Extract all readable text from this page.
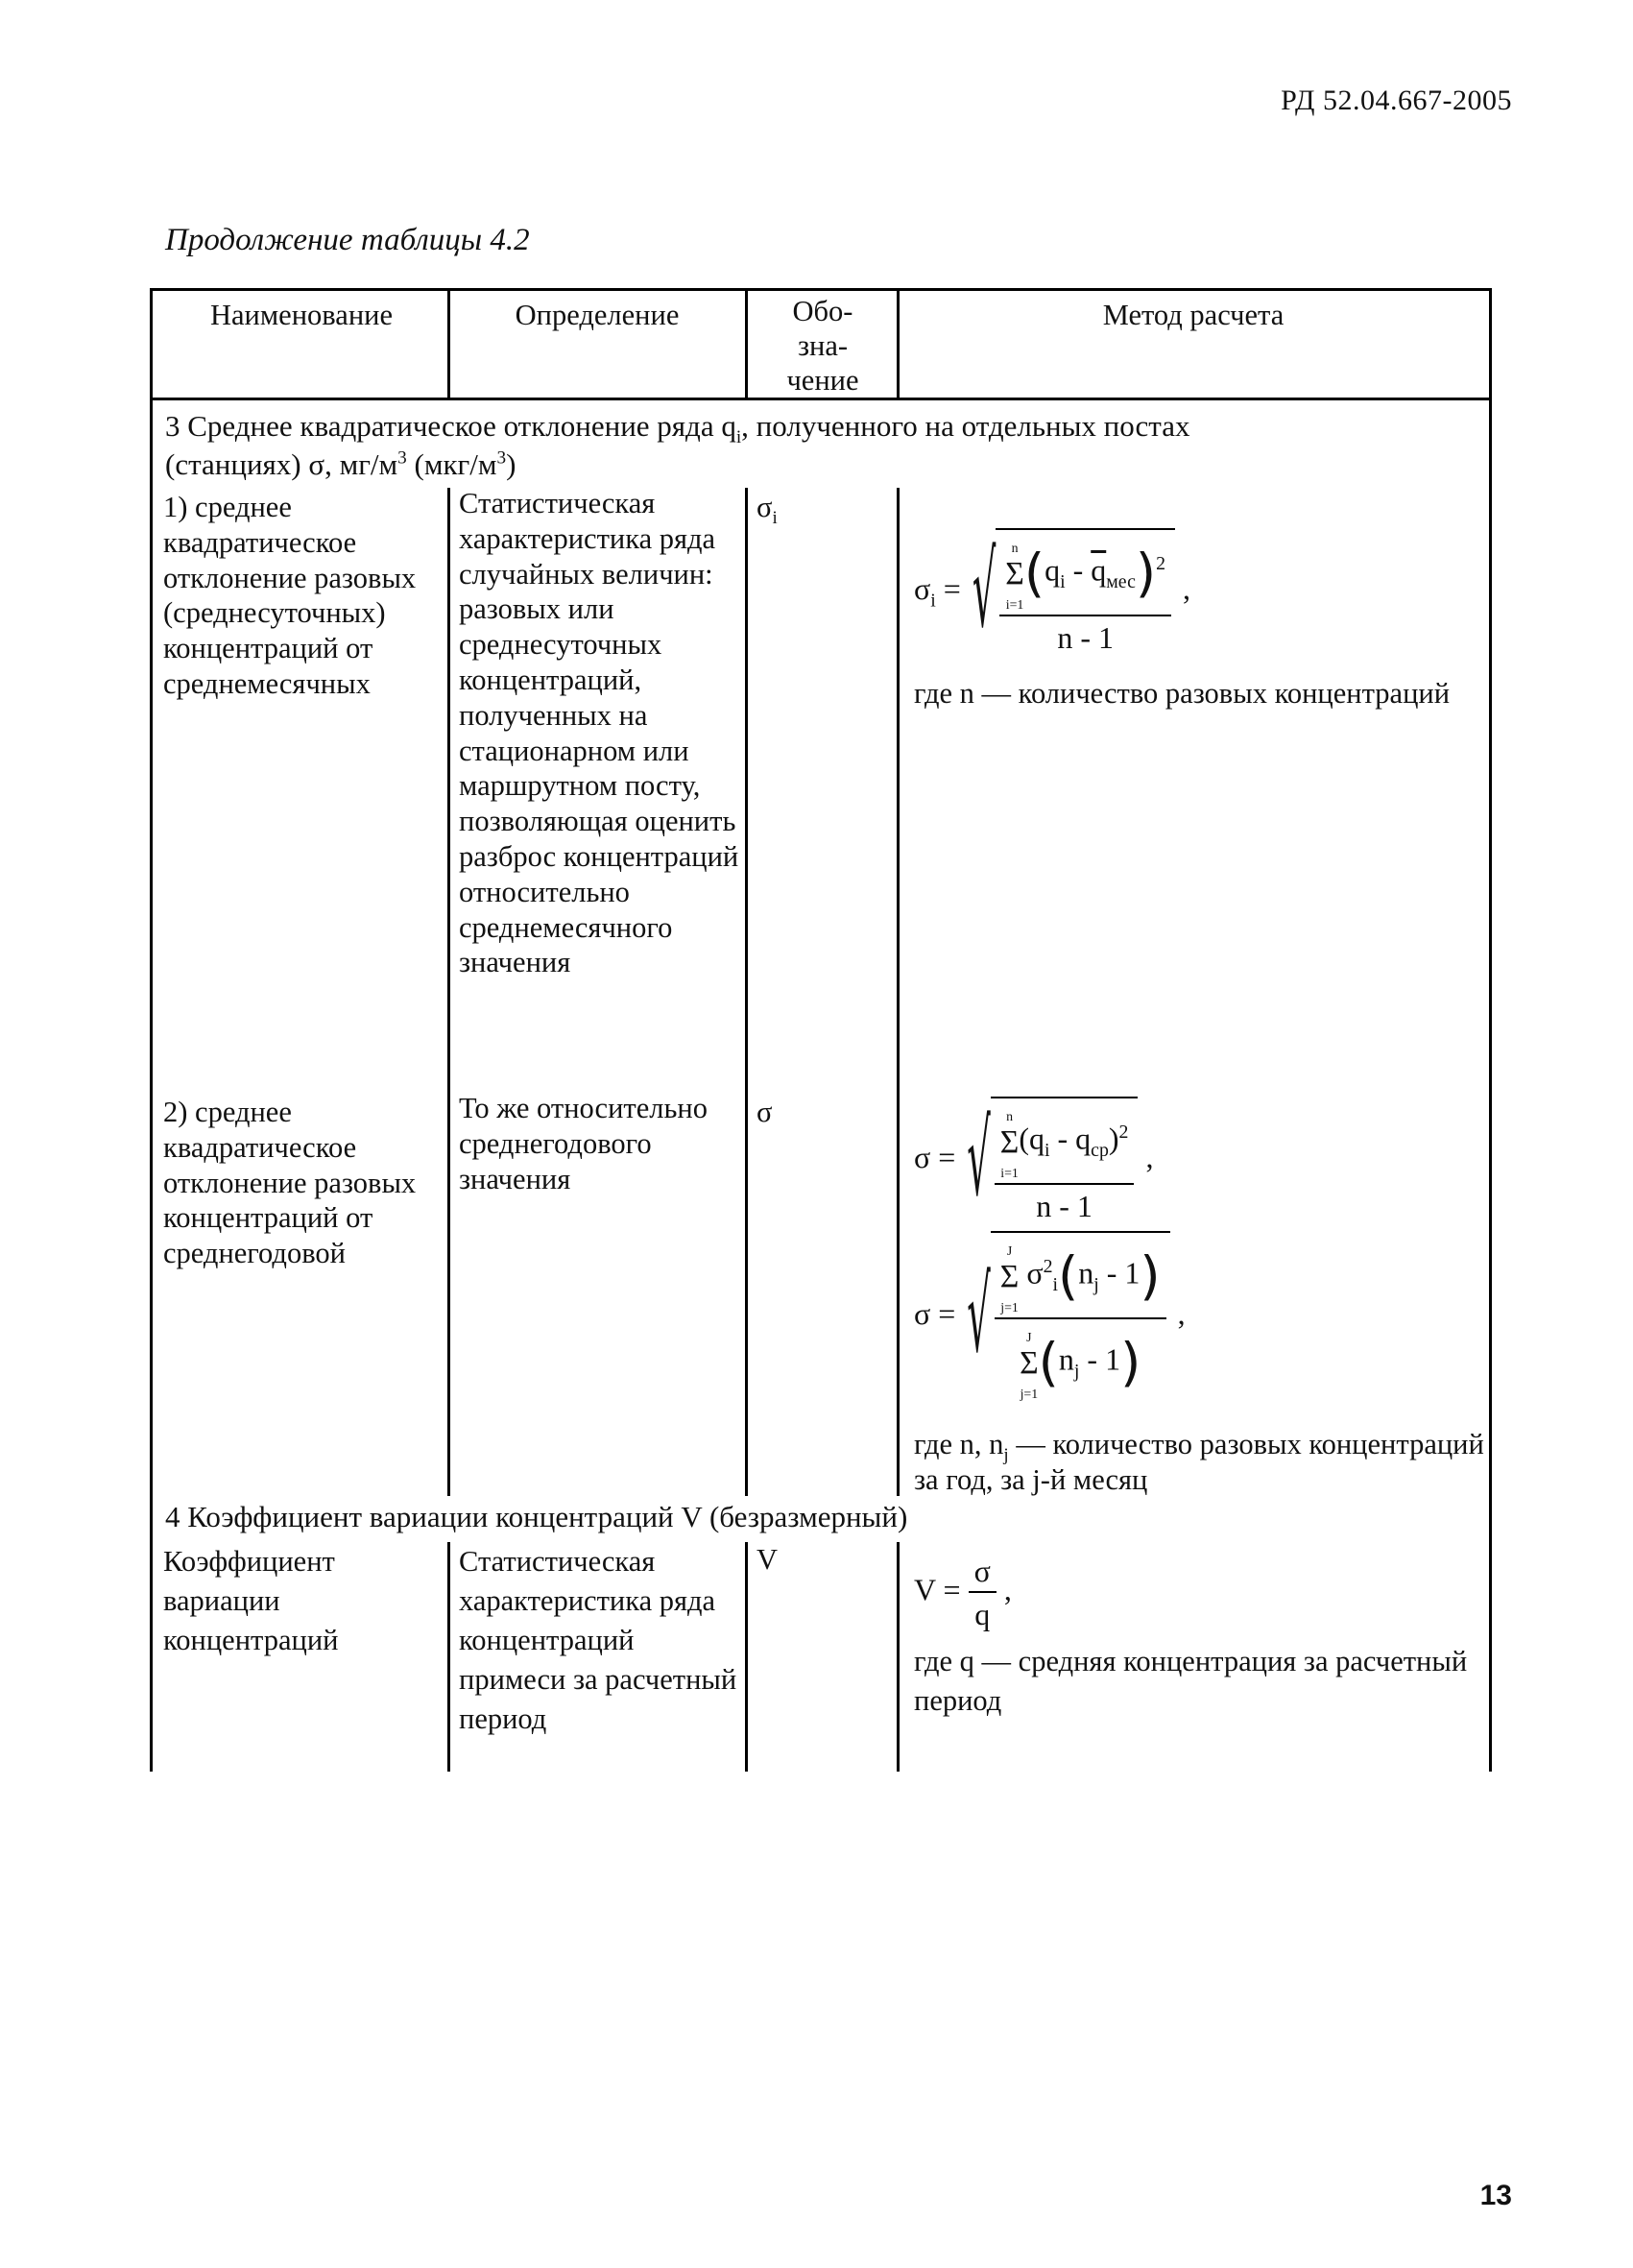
РД 52.04.667-2005
Продолжение таблицы 4.2
Наименование	Определение	Обо-
зна-
чение
Метод расчета
3 Среднее квадратическое отклонение ряда $q_i$, полученного на отдельных постах
(станциях) σ, $мг/м^3$ $(мкг/м^3)$
1) среднее квадратическое отклонение разовых (среднесуточных) концентраций от среднемесячных
Статистическая характеристика ряда случайных величин: разовых или среднесуточных концентраций, полученных на стационарном или маршрутном посту, позволяющая оценить разброс концентраций относительно среднемесячного значения
$\sigma_i$
$\sigma_i$ = √ n
Σ
$i=1(q_i - \overline{q}_{мес})^2$
n - 1 ,
где n — количество разовых концентраций
2) среднее квадратическое отклонение разовых концентраций от среднегодовой
То же относительно среднегодового значения
σ
σ = √ n
Σ
$i=1(q_i - q_{ср})^2$
n - 1 ,
σ = √ J
Σ
j=1 $\sigma^2_i(n_j - 1)$
J
Σ
$j=1(n_j - 1)$ ,
где n, $n_j$ — количество разовых концентраций за год, за j-й месяц
4 Коэффициент вариации концентраций V (безразмерный)
Коэффициент вариации концентраций
Статистическая характеристика ряда концентраций примеси за расчетный период
V
$V = \frac{\sigma}{q}$ ,
где q — средняя концентрация за расчетный период
13
